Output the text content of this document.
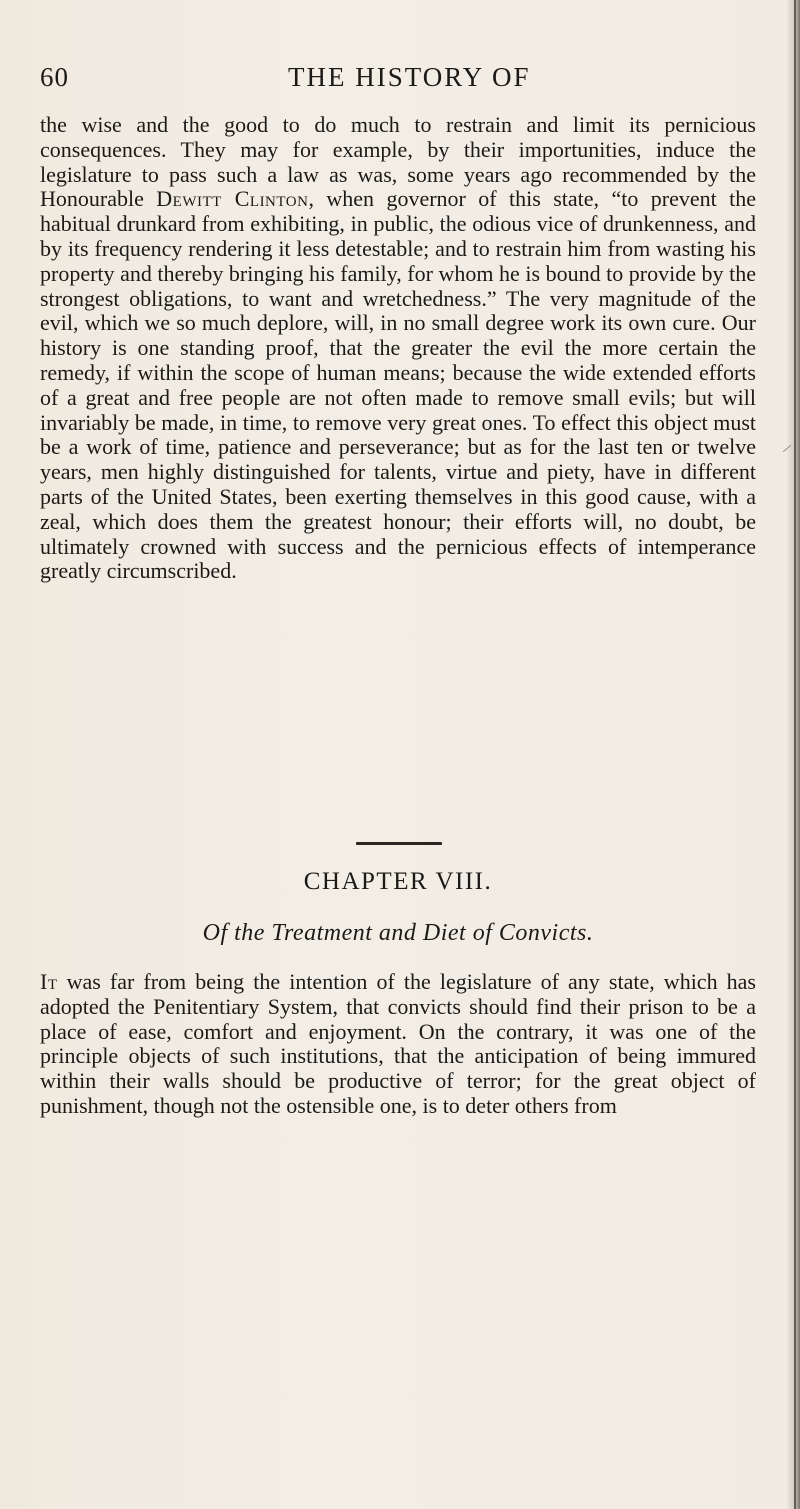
60	THE HISTORY OF
the wise and the good to do much to restrain and limit its pernicious consequences. They may for example, by their importunities, induce the legislature to pass such a law as was, some years ago recommended by the Honourable Dewitt Clinton, when governor of this state, “to prevent the habitual drunkard from exhibiting, in public, the odious vice of drunkenness, and by its frequency rendering it less detestable; and to restrain him from wasting his property and thereby bringing his family, for whom he is bound to provide by the strongest obligations, to want and wretchedness.” The very magnitude of the evil, which we so much deplore, will, in no small degree work its own cure. Our history is one standing proof, that the greater the evil the more certain the remedy, if within the scope of human means; because the wide extended efforts of a great and free people are not often made to remove small evils; but will invariably be made, in time, to remove very great ones. To effect this object must be a work of time, patience and perseverance; but as for the last ten or twelve years, men highly distinguished for talents, virtue and piety, have in different parts of the United States, been exerting themselves in this good cause, with a zeal, which does them the greatest honour; their efforts will, no doubt, be ultimately crowned with success and the pernicious effects of intemperance greatly circumscribed.
CHAPTER VIII.
Of the Treatment and Diet of Convicts.
It was far from being the intention of the legislature of any state, which has adopted the Penitentiary System, that convicts should find their prison to be a place of ease, comfort and enjoyment. On the contrary, it was one of the principle objects of such institutions, that the anticipation of being immured within their walls should be productive of terror; for the great object of punishment, though not the ostensible one, is to deter others from
